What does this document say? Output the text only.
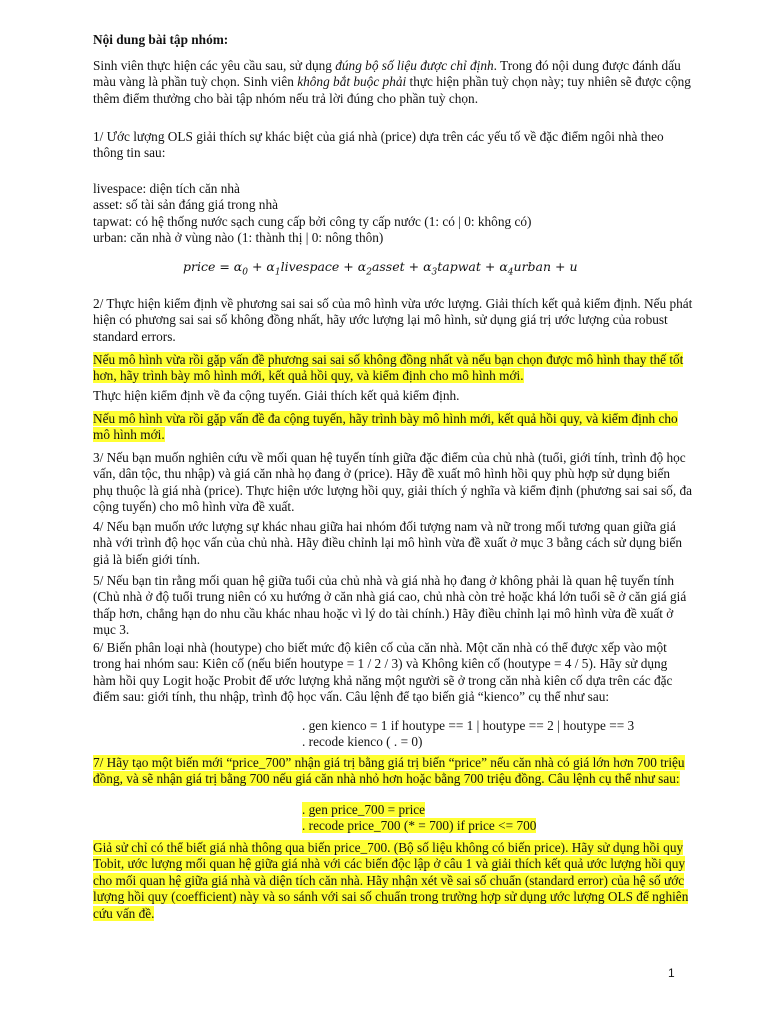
Nội dung bài tập nhóm:
Sinh viên thực hiện các yêu cầu sau, sử dụng đúng bộ số liệu được chỉ định. Trong đó nội dung được đánh dấu màu vàng là phần tuỳ chọn. Sinh viên không bắt buộc phải thực hiện phần tuỳ chọn này; tuy nhiên sẽ được cộng thêm điểm thưởng cho bài tập nhóm nếu trả lời đúng cho phần tuỳ chọn.
1/ Ước lượng OLS giải thích sự khác biệt của giá nhà (price) dựa trên các yếu tố về đặc điểm ngôi nhà theo thông tin sau:
livespace: diện tích căn nhà
asset: số tài sản đáng giá trong nhà
tapwat: có hệ thống nước sạch cung cấp bởi công ty cấp nước (1: có | 0: không có)
urban: căn nhà ở vùng nào (1: thành thị | 0: nông thôn)
price = $\alpha_0$ + $\alpha_1livespace$ + $\alpha_2asset$ + $\alpha_3tapwat$ + $\alpha_4urban + u$
2/ Thực hiện kiểm định về phương sai sai số của mô hình vừa ước lượng. Giải thích kết quả kiểm định. Nếu phát hiện có phương sai sai số không đồng nhất, hãy ước lượng lại mô hình, sử dụng giá trị ước lượng của robust standard errors.
Nếu mô hình vừa rồi gặp vấn đề phương sai sai số không đồng nhất và nếu bạn chọn được mô hình thay thế tốt hơn, hãy trình bày mô hình mới, kết quả hồi quy, và kiểm định cho mô hình mới.
Thực hiện kiểm định về đa cộng tuyến. Giải thích kết quả kiểm định.
Nếu mô hình vừa rồi gặp vấn đề đa cộng tuyến, hãy trình bày mô hình mới, kết quả hồi quy, và kiểm định cho mô hình mới.
3/ Nếu bạn muốn nghiên cứu về mối quan hệ tuyến tính giữa đặc điểm của chủ nhà (tuổi, giới tính, trình độ học vấn, dân tộc, thu nhập) và giá căn nhà họ đang ở (price). Hãy đề xuất mô hình hồi quy phù hợp sử dụng biến phụ thuộc là giá nhà (price). Thực hiện ước lượng hồi quy, giải thích ý nghĩa và kiểm định (phương sai sai số, đa cộng tuyến) cho mô hình vừa đề xuất.
4/ Nếu bạn muốn ước lượng sự khác nhau giữa hai nhóm đối tượng nam và nữ trong mối tương quan giữa giá nhà với trình độ học vấn của chủ nhà. Hãy điều chỉnh lại mô hình vừa đề xuất ở mục 3 bằng cách sử dụng biến giả là biến giới tính.
5/ Nếu bạn tin rằng mối quan hệ giữa tuổi của chủ nhà và giá nhà họ đang ở không phải là quan hệ tuyến tính (Chủ nhà ở độ tuổi trung niên có xu hướng ở căn nhà giá cao, chủ nhà còn trẻ hoặc khá lớn tuổi sẽ ở căn giá giá thấp hơn, chẳng hạn do nhu cầu khác nhau hoặc vì lý do tài chính.) Hãy điều chỉnh lại mô hình vừa đề xuất ở mục 3.
6/ Biến phân loại nhà (houtype) cho biết mức độ kiên cố của căn nhà. Một căn nhà có thể được xếp vào một trong hai nhóm sau: Kiên cố (nếu biến houtype = 1 / 2 / 3) và Không kiên cố (houtype = 4 / 5). Hãy sử dụng hàm hồi quy Logit hoặc Probit để ước lượng khả năng một người sẽ ở trong căn nhà kiên cố dựa trên các đặc điểm sau: giới tính, thu nhập, trình độ học vấn. Câu lệnh để tạo biến giả “kienco” cụ thể như sau:
. gen kienco = 1 if houtype == 1 | houtype == 2 | houtype == 3
. recode kienco ( . = 0)
7/ Hãy tạo một biến mới “price_700” nhận giá trị bằng giá trị biến “price” nếu căn nhà có giá lớn hơn 700 triệu đồng, và sẽ nhận giá trị bằng 700 nếu giá căn nhà nhỏ hơn hoặc bằng 700 triệu đồng. Câu lệnh cụ thể như sau:
. gen price_700 = price
. recode price_700 (* = 700) if price <= 700
Giả sử chỉ có thể biết giá nhà thông qua biến price_700. (Bộ số liệu không có biến price). Hãy sử dụng hồi quy Tobit, ước lượng mối quan hệ giữa giá nhà với các biến độc lập ở câu 1 và giải thích kết quả ước lượng hồi quy cho mối quan hệ giữa giá nhà và diện tích căn nhà. Hãy nhận xét về sai số chuẩn (standard error) của hệ số ước lượng hồi quy (coefficient) này và so sánh với sai số chuẩn trong trường hợp sử dụng ước lượng OLS để nghiên cứu vấn đề.
1
